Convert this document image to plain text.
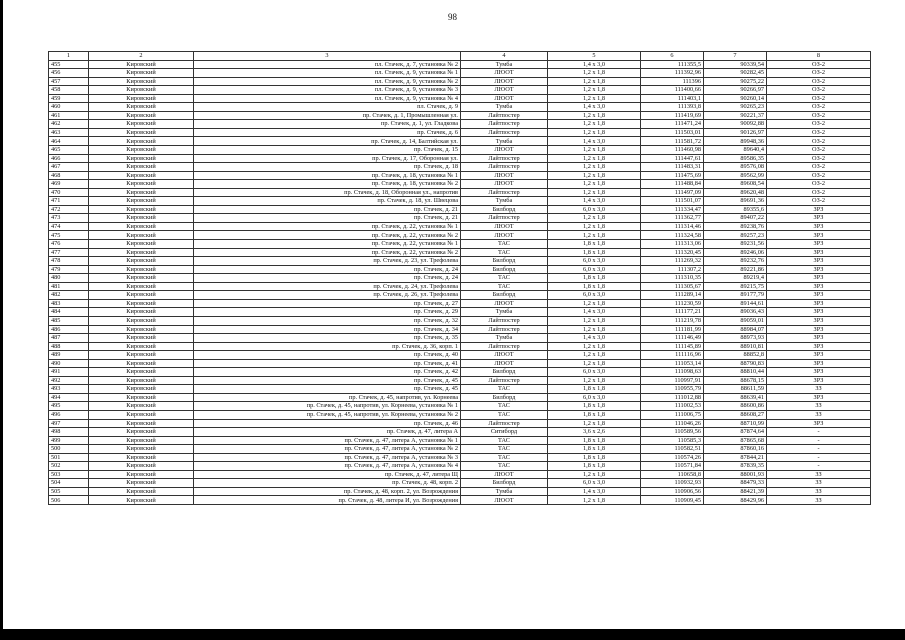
98
1	2	3	4	5	6	7	8
455	Кировский	пл. Стачек, д. 7, установка № 2	Тумба	1,4 x 3,0	111355,5	90339,54	ОЗ-2
456	Кировский	пл. Стачек, д. 9, установка № 1	ЛЮОТ	1,2 x 1,8	111392,96	90282,45	ОЗ-2
457	Кировский	пл. Стачек, д. 9, установка № 2	ЛЮОТ	1,2 x 1,8	111396	90275,22	ОЗ-2
458	Кировский	пл. Стачек, д. 9, установка № 3	ЛЮОТ	1,2 x 1,8	111400,66	90266,97	ОЗ-2
459	Кировский	пл. Стачек, д. 9, установка № 4	ЛЮОТ	1,2 x 1,8	111403,1	90260,14	ОЗ-2
460	Кировский	пл. Стачек, д. 9	Тумба	1,4 x 3,0	111393,8	90265,23	ОЗ-2
461	Кировский	пр. Стачек, д. 1, Промышленная ул.	Лайтпостер	1,2 x 1,8	111419,69	90221,37	ОЗ-2
462	Кировский	пр. Стачек, д. 1, ул. Гладкова	Лайтпостер	1,2 x 1,8	111471,24	90092,88	ОЗ-2
463	Кировский	пр. Стачек, д. 6	Лайтпостер	1,2 x 1,8	111503,01	90126,97	ОЗ-2
464	Кировский	пр. Стачек, д. 14, Балтийская ул.	Тумба	1,4 x 3,0	111581,72	89948,36	ОЗ-2
465	Кировский	пр. Стачек, д. 15	ЛЮОТ	1,2 x 1,8	111460,98	89640,4	ОЗ-2
466	Кировский	пр. Стачек, д. 17, Оборонная ул.	Лайтпостер	1,2 x 1,8	111447,61	89586,35	ОЗ-2
467	Кировский	пр. Стачек, д. 18	Лайтпостер	1,2 x 1,8	111483,31	89576,08	ОЗ-2
468	Кировский	пр. Стачек, д. 18, установка № 1	ЛЮОТ	1,2 x 1,8	111475,69	89562,99	ОЗ-2
469	Кировский	пр. Стачек, д. 18, установка № 2	ЛЮОТ	1,2 x 1,8	111488,84	89608,54	ОЗ-2
470	Кировский	пр. Стачек, д. 18, Оборонная ул., напротив	Лайтпостер	1,2 x 1,8	111497,09	89620,48	ОЗ-2
471	Кировский	пр. Стачек, д. 18, ул. Швецова	Тумба	1,4 x 3,0	111501,07	89691,36	ОЗ-2
472	Кировский	пр. Стачек, д. 21	Билборд	6,0 x 3,0	111334,47	89355,6	ЗРЗ
473	Кировский	пр. Стачек, д. 21	Лайтпостер	1,2 x 1,8	111362,77	89407,22	ЗРЗ
474	Кировский	пр. Стачек, д. 22, установка № 1	ЛЮОТ	1,2 x 1,8	111314,46	89238,76	ЗРЗ
475	Кировский	пр. Стачек, д. 22, установка № 2	ЛЮОТ	1,2 x 1,8	111324,58	89257,23	ЗРЗ
476	Кировский	пр. Стачек, д. 22, установка № 1	ТАС	1,8 x 1,8	111313,06	89231,56	ЗРЗ
477	Кировский	пр. Стачек, д. 22, установка № 2	ТАС	1,8 x 1,8	111320,45	89246,06	ЗРЗ
478	Кировский	пр. Стачек, д. 23, ул. Трефолева	Билборд	6,0 x 3,0	111269,32	89232,76	ЗРЗ
479	Кировский	пр. Стачек, д. 24	Билборд	6,0 x 3,0	111307,2	89221,86	ЗРЗ
480	Кировский	пр. Стачек, д. 24	ТАС	1,8 x 1,8	111310,35	89219,4	ЗРЗ
481	Кировский	пр. Стачек, д. 24, ул. Трефолева	ТАС	1,8 x 1,8	111305,67	89215,75	ЗРЗ
482	Кировский	пр. Стачек, д. 26, ул. Трефолева	Билборд	6,0 x 3,0	111289,14	89177,79	ЗРЗ
483	Кировский	пр. Стачек, д. 27	ЛЮОТ	1,2 x 1,8	111230,59	89144,61	ЗРЗ
484	Кировский	пр. Стачек, д. 29	Тумба	1,4 x 3,0	111177,21	89036,43	ЗРЗ
485	Кировский	пр. Стачек, д. 32	Лайтпостер	1,2 x 1,8	111219,78	89059,01	ЗРЗ
486	Кировский	пр. Стачек, д. 34	Лайтпостер	1,2 x 1,8	111181,99	88984,07	ЗРЗ
487	Кировский	пр. Стачек, д. 35	Тумба	1,4 x 3,0	111146,49	88973,93	ЗРЗ
488	Кировский	пр. Стачек, д. 36, корп. 1	Лайтпостер	1,2 x 1,8	111145,89	88910,81	ЗРЗ
489	Кировский	пр. Стачек, д. 40	ЛЮОТ	1,2 x 1,8	111116,96	88852,8	ЗРЗ
490	Кировский	пр. Стачек, д. 41	ЛЮОТ	1,2 x 1,8	111053,14	88790,83	ЗРЗ
491	Кировский	пр. Стачек, д. 42	Билборд	6,0 x 3,0	111098,63	88810,44	ЗРЗ
492	Кировский	пр. Стачек, д. 45	Лайтпостер	1,2 x 1,8	110997,91	88678,15	ЗРЗ
493	Кировский	пр. Стачек, д. 45	ТАС	1,8 x 1,8	110955,79	88611,59	ЗЗ
494	Кировский	пр. Стачек, д. 45, напротив, ул. Корнеева	Билборд	6,0 x 3,0	111012,88	88639,41	ЗРЗ
495	Кировский	пр. Стачек, д. 45, напротив, ул. Корнеева, установка № 1	ТАС	1,8 x 1,8	111002,53	88600,86	ЗЗ
496	Кировский	пр. Стачек, д. 45, напротив, ул. Корнеева, установка № 2	ТАС	1,8 x 1,8	111006,75	88608,27	ЗЗ
497	Кировский	пр. Стачек, д. 46	Лайтпостер	1,2 x 1,8	111046,26	88710,99	ЗРЗ
498	Кировский	пр. Стачек, д. 47, литера А	Ситиборд	3,6 x 2,6	110589,56	87874,64	-
499	Кировский	пр. Стачек, д. 47, литера А, установка № 1	ТАС	1,8 x 1,8	110585,3	87865,68	-
500	Кировский	пр. Стачек, д. 47, литера А, установка № 2	ТАС	1,8 x 1,8	110582,51	87860,16	-
501	Кировский	пр. Стачек, д. 47, литера А, установка № 3	ТАС	1,8 x 1,8	110574,26	87844,21	-
502	Кировский	пр. Стачек, д. 47, литера А, установка № 4	ТАС	1,8 x 1,8	110571,84	87839,35	-
503	Кировский	пр. Стачек, д. 47, литера Щ	ЛЮОТ	1,2 x 1,8	110658,8	88001,93	ЗЗ
504	Кировский	пр. Стачек, д. 48, корп. 2	Билборд	6,0 x 3,0	110932,93	88479,33	ЗЗ
505	Кировский	пр. Стачек, д. 48, корп. 2, ул. Возрождения	Тумба	1,4 x 3,0	110906,56	88421,39	ЗЗ
506	Кировский	пр. Стачек, д. 48, литера И, ул. Возрождения	ЛЮОТ	1,2 x 1,8	110909,45	88429,96	ЗЗ
